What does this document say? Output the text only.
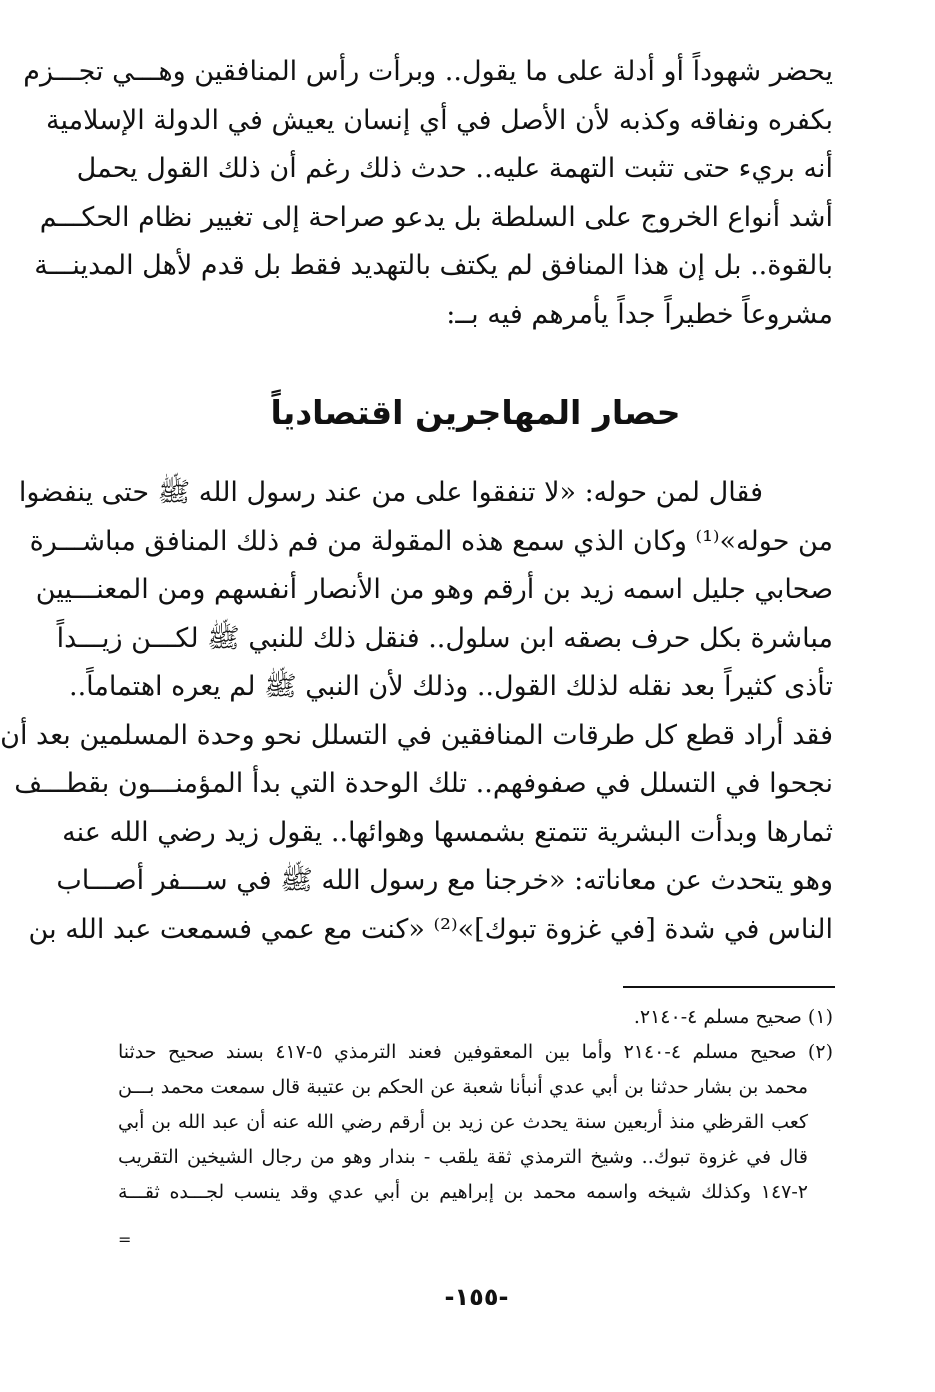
يحضر شهوداً أو أدلة على ما يقول.. وبرأت رأس المنافقين وهـــي تجـــزم
بكفره ونفاقه وكذبه لأن الأصل في أي إنسان يعيش في الدولة الإسلامية
أنه بريء حتى تثبت التهمة عليه.. حدث ذلك رغم أن ذلك القول يحمل
أشد أنواع الخروج على السلطة بل يدعو صراحة إلى تغيير نظام الحكـــم
بالقوة.. بل إن هذا المنافق لم يكتف بالتهديد فقط بل قدم لأهل المدينـــة
مشروعاً خطيراً جداً يأمرهم فيه بــ:
حصار المهاجرين اقتصادياً
فقال لمن حوله: «لا تنفقوا على من عند رسول الله ﷺ حتى ينفضوا
من حوله»⁽¹⁾ وكان الذي سمع هذه المقولة من فم ذلك المنافق مباشـــرة
صحابي جليل اسمه زيد بن أرقم وهو من الأنصار أنفسهم ومن المعنـــيين
مباشرة بكل حرف بصقه ابن سلول.. فنقل ذلك للنبي ﷺ لكـــن زيـــداً
تأذى كثيراً بعد نقله لذلك القول.. وذلك لأن النبي ﷺ لم يعره اهتماماً..
فقد أراد قطع كل طرقات المنافقين في التسلل نحو وحدة المسلمين بعد أن
نجحوا في التسلل في صفوفهم.. تلك الوحدة التي بدأ المؤمنـــون بقطـــف
ثمارها وبدأت البشرية تتمتع بشمسها وهوائها.. يقول زيد رضي الله عنه
وهو يتحدث عن معاناته: «خرجنا مع رسول الله ﷺ في ســـفر أصـــاب
الناس في شدة [في غزوة تبوك]»⁽²⁾ «كنت مع عمي فسمعت عبد الله بن
(١) صحيح مسلم ٤-٢١٤٠.
(٢) صحيح مسلم ٤-٢١٤٠ وأما بين المعقوفين فعند الترمذي ٥-٤١٧ بسند صحيح حدثنا
محمد بن بشار حدثنا بن أبي عدي أنبأنا شعبة عن الحكم بن عتيبة قال سمعت محمد بـــن
كعب القرظي منذ أربعين سنة يحدث عن زيد بن أرقم رضي الله عنه أن عبد الله بن أبي
قال في غزوة تبوك.. وشيخ الترمذي ثقة يلقب - بندار وهو من رجال الشيخين التقريب
٢-١٤٧ وكذلك شيخه واسمه محمد بن إبراهيم بن أبي عدي وقد ينسب لجـــده ثقـــة
=
-١٥٥-
